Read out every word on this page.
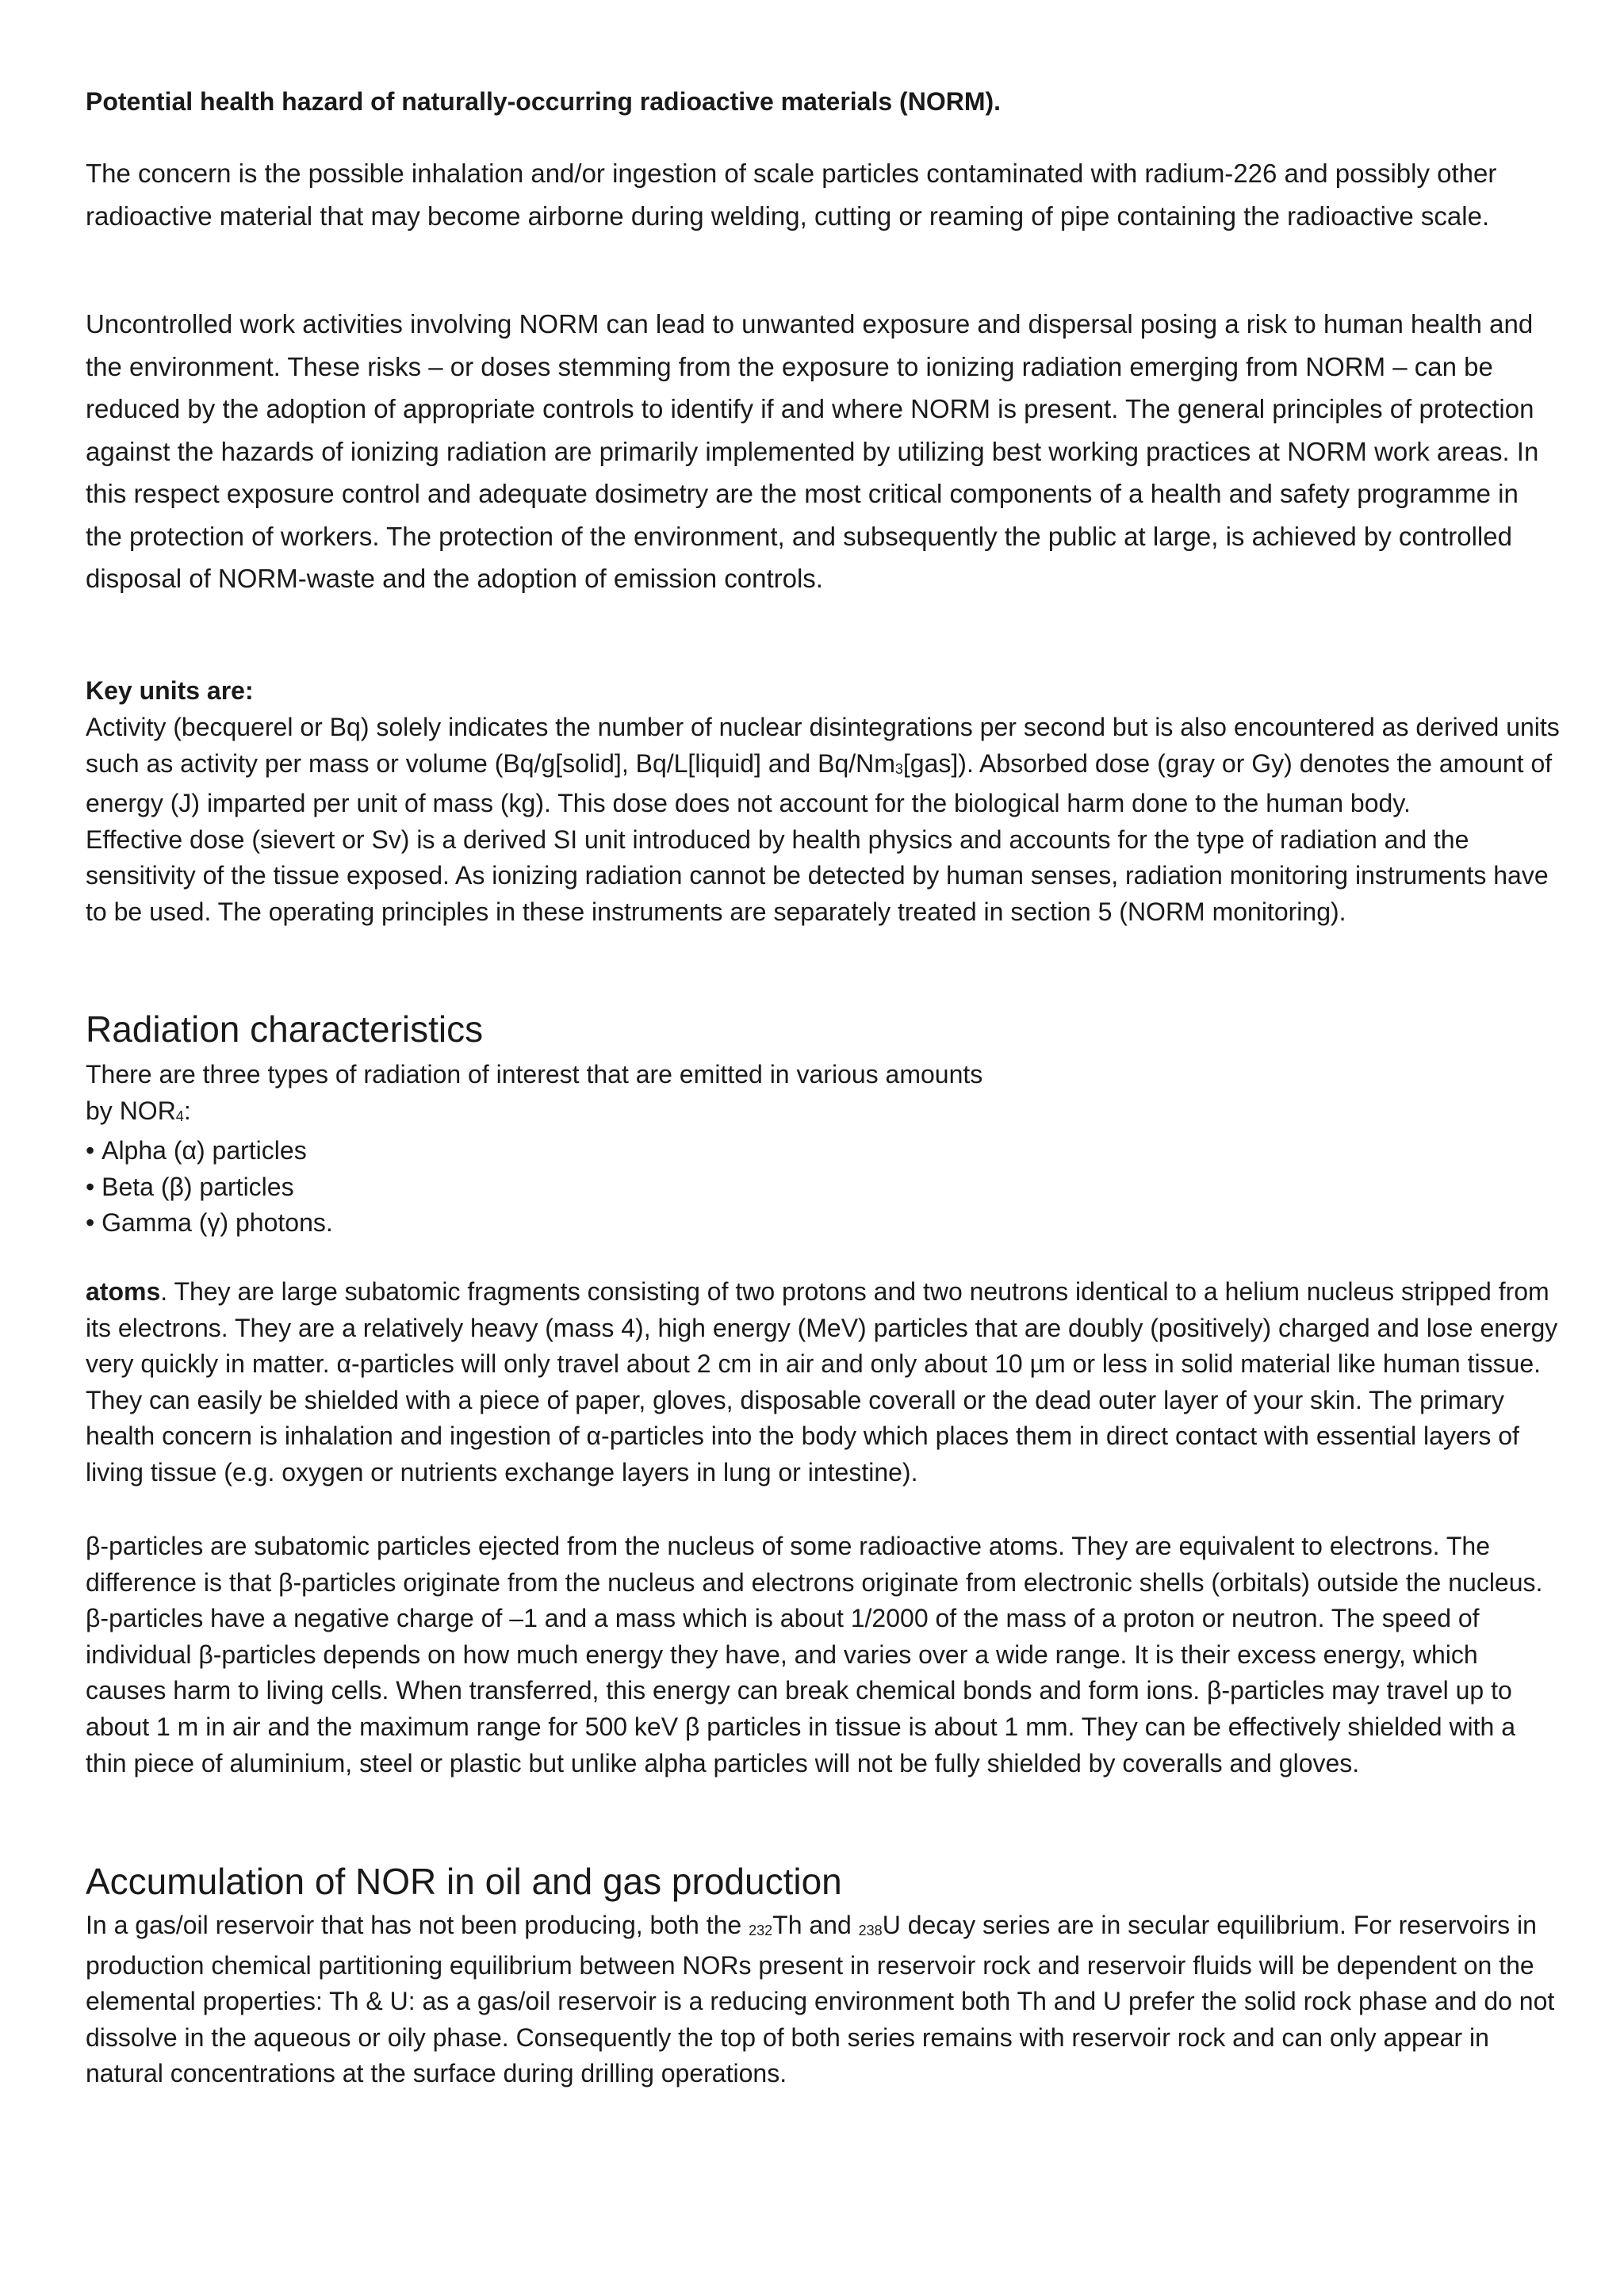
Potential health hazard of naturally-occurring radioactive materials (NORM).

The concern is the possible inhalation and/or ingestion of scale particles contaminated with radium-226 and possibly other radioactive material that may become airborne during welding, cutting or reaming of pipe containing the radioactive scale.

Uncontrolled work activities involving NORM can lead to unwanted exposure and dispersal posing a risk to human health and the environment. These risks – or doses stemming from the exposure to ionizing radiation emerging from NORM – can be reduced by the adoption of appropriate controls to identify if and where NORM is present. The general principles of protection against the hazards of ionizing radiation are primarily implemented by utilizing best working practices at NORM work areas. In this respect exposure control and adequate dosimetry are the most critical components of a health and safety programme in the protection of workers. The protection of the environment, and subsequently the public at large, is achieved by controlled disposal of NORM-waste and the adoption of emission controls.

Key units are:

Activity (becquerel or Bq) solely indicates the number of nuclear disintegrations per second but is also encountered as derived units such as activity per mass or volume (Bq/g[solid], Bq/L[liquid] and $Bq/Nm_3[gas]$). Absorbed dose (gray or Gy) denotes the amount of energy (J) imparted per unit of mass (kg). This dose does not account for the biological harm done to the human body.

Effective dose (sievert or Sv) is a derived SI unit introduced by health physics and accounts for the type of radiation and the sensitivity of the tissue exposed. As ionizing radiation cannot be detected by human senses, radiation monitoring instruments have to be used. The operating principles in these instruments are separately treated in section 5 (NORM monitoring).

Radiation characteristics

There are three types of radiation of interest that are emitted in various amounts
by $NOR_4$:

• Alpha (α) particles
• Beta (β) particles
• Gamma (γ) photons.

atoms. They are large subatomic fragments consisting of two protons and two neutrons identical to a helium nucleus stripped from its electrons. They are a relatively heavy (mass 4), high energy (MeV) particles that are doubly (positively) charged and lose energy very quickly in matter. α-particles will only travel about 2 cm in air and only about 10 µm or less in solid material like human tissue. They can easily be shielded with a piece of paper, gloves, disposable coverall or the dead outer layer of your skin. The primary health concern is inhalation and ingestion of α-particles into the body which places them in direct contact with essential layers of living tissue (e.g. oxygen or nutrients exchange layers in lung or intestine).

β-particles are subatomic particles ejected from the nucleus of some radioactive atoms. They are equivalent to electrons. The difference is that β-particles originate from the nucleus and electrons originate from electronic shells (orbitals) outside the nucleus. β-particles have a negative charge of –1 and a mass which is about 1/2000 of the mass of a proton or neutron. The speed of individual β-particles depends on how much energy they have, and varies over a wide range. It is their excess energy, which causes harm to living cells. When transferred, this energy can break chemical bonds and form ions. β-particles may travel up to about 1 m in air and the maximum range for 500 keV β particles in tissue is about 1 mm. They can be effectively shielded with a thin piece of aluminium, steel or plastic but unlike alpha particles will not be fully shielded by coveralls and gloves.

Accumulation of NOR in oil and gas production

In a gas/oil reservoir that has not been producing, both the $_{232}$Th and $_{238}$U decay series are in secular equilibrium. For reservoirs in production chemical partitioning equilibrium between NORs present in reservoir rock and reservoir fluids will be dependent on the elemental properties: Th & U: as a gas/oil reservoir is a reducing environment both Th and U prefer the solid rock phase and do not dissolve in the aqueous or oily phase. Consequently the top of both series remains with reservoir rock and can only appear in natural concentrations at the surface during drilling operations.
